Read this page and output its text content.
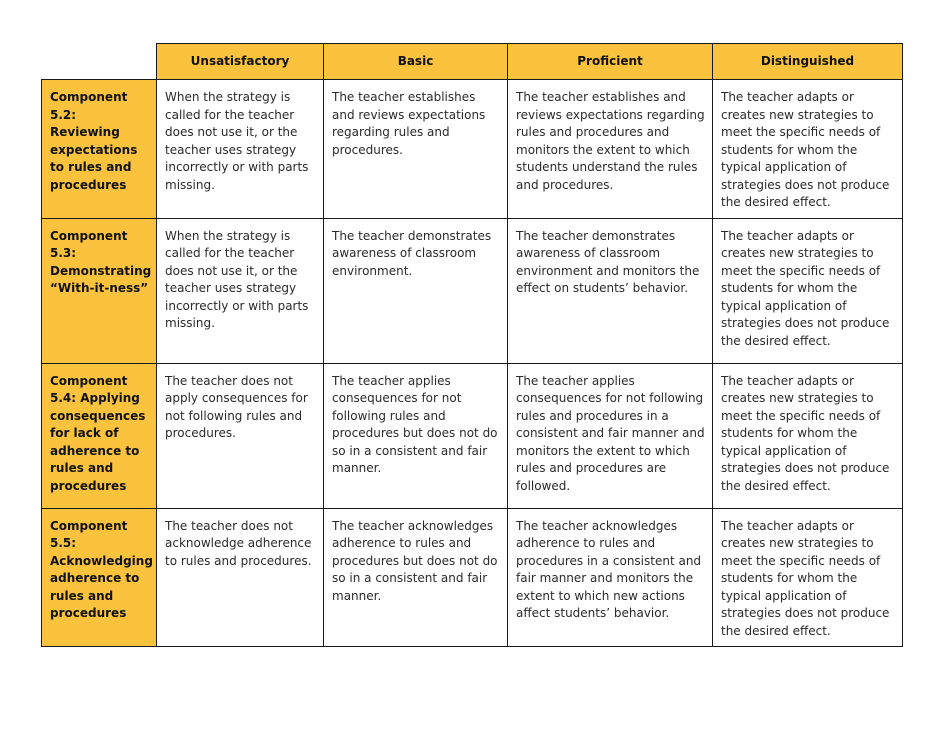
	Unsatisfactory	Basic	Proficient	Distinguished
Component 5.2: Reviewing expectations to rules and procedures	When the strategy is called for the teacher does not use it, or the teacher uses strategy incorrectly or with parts missing.	The teacher establishes and reviews expectations regarding rules and procedures.	The teacher establishes and reviews expectations regarding rules and procedures and monitors the extent to which students understand the rules and procedures.	The teacher adapts or creates new strategies to meet the specific needs of students for whom the typical application of strategies does not produce the desired effect.
Component 5.3: Demonstrating “With-it-ness”	When the strategy is called for the teacher does not use it, or the teacher uses strategy incorrectly or with parts missing.	The teacher demonstrates awareness of classroom environment.	The teacher demonstrates awareness of classroom environment and monitors the effect on students’ behavior.	The teacher adapts or creates new strategies to meet the specific needs of students for whom the typical application of strategies does not produce the desired effect.
Component 5.4: Applying consequences for lack of adherence to rules and procedures	The teacher does not apply consequences for not following rules and procedures.	The teacher applies consequences for not following rules and procedures but does not do so in a consistent and fair manner.	The teacher applies consequences for not following rules and procedures in a consistent and fair manner and monitors the extent to which rules and procedures are followed.	The teacher adapts or creates new strategies to meet the specific needs of students for whom the typical application of strategies does not produce the desired effect.
Component 5.5: Acknowledging adherence to rules and procedures	The teacher does not acknowledge adherence to rules and procedures.	The teacher acknowledges adherence to rules and procedures but does not do so in a consistent and fair manner.	The teacher acknowledges adherence to rules and procedures in a consistent and fair manner and monitors the extent to which new actions affect students’ behavior.	The teacher adapts or creates new strategies to meet the specific needs of students for whom the typical application of strategies does not produce the desired effect.
